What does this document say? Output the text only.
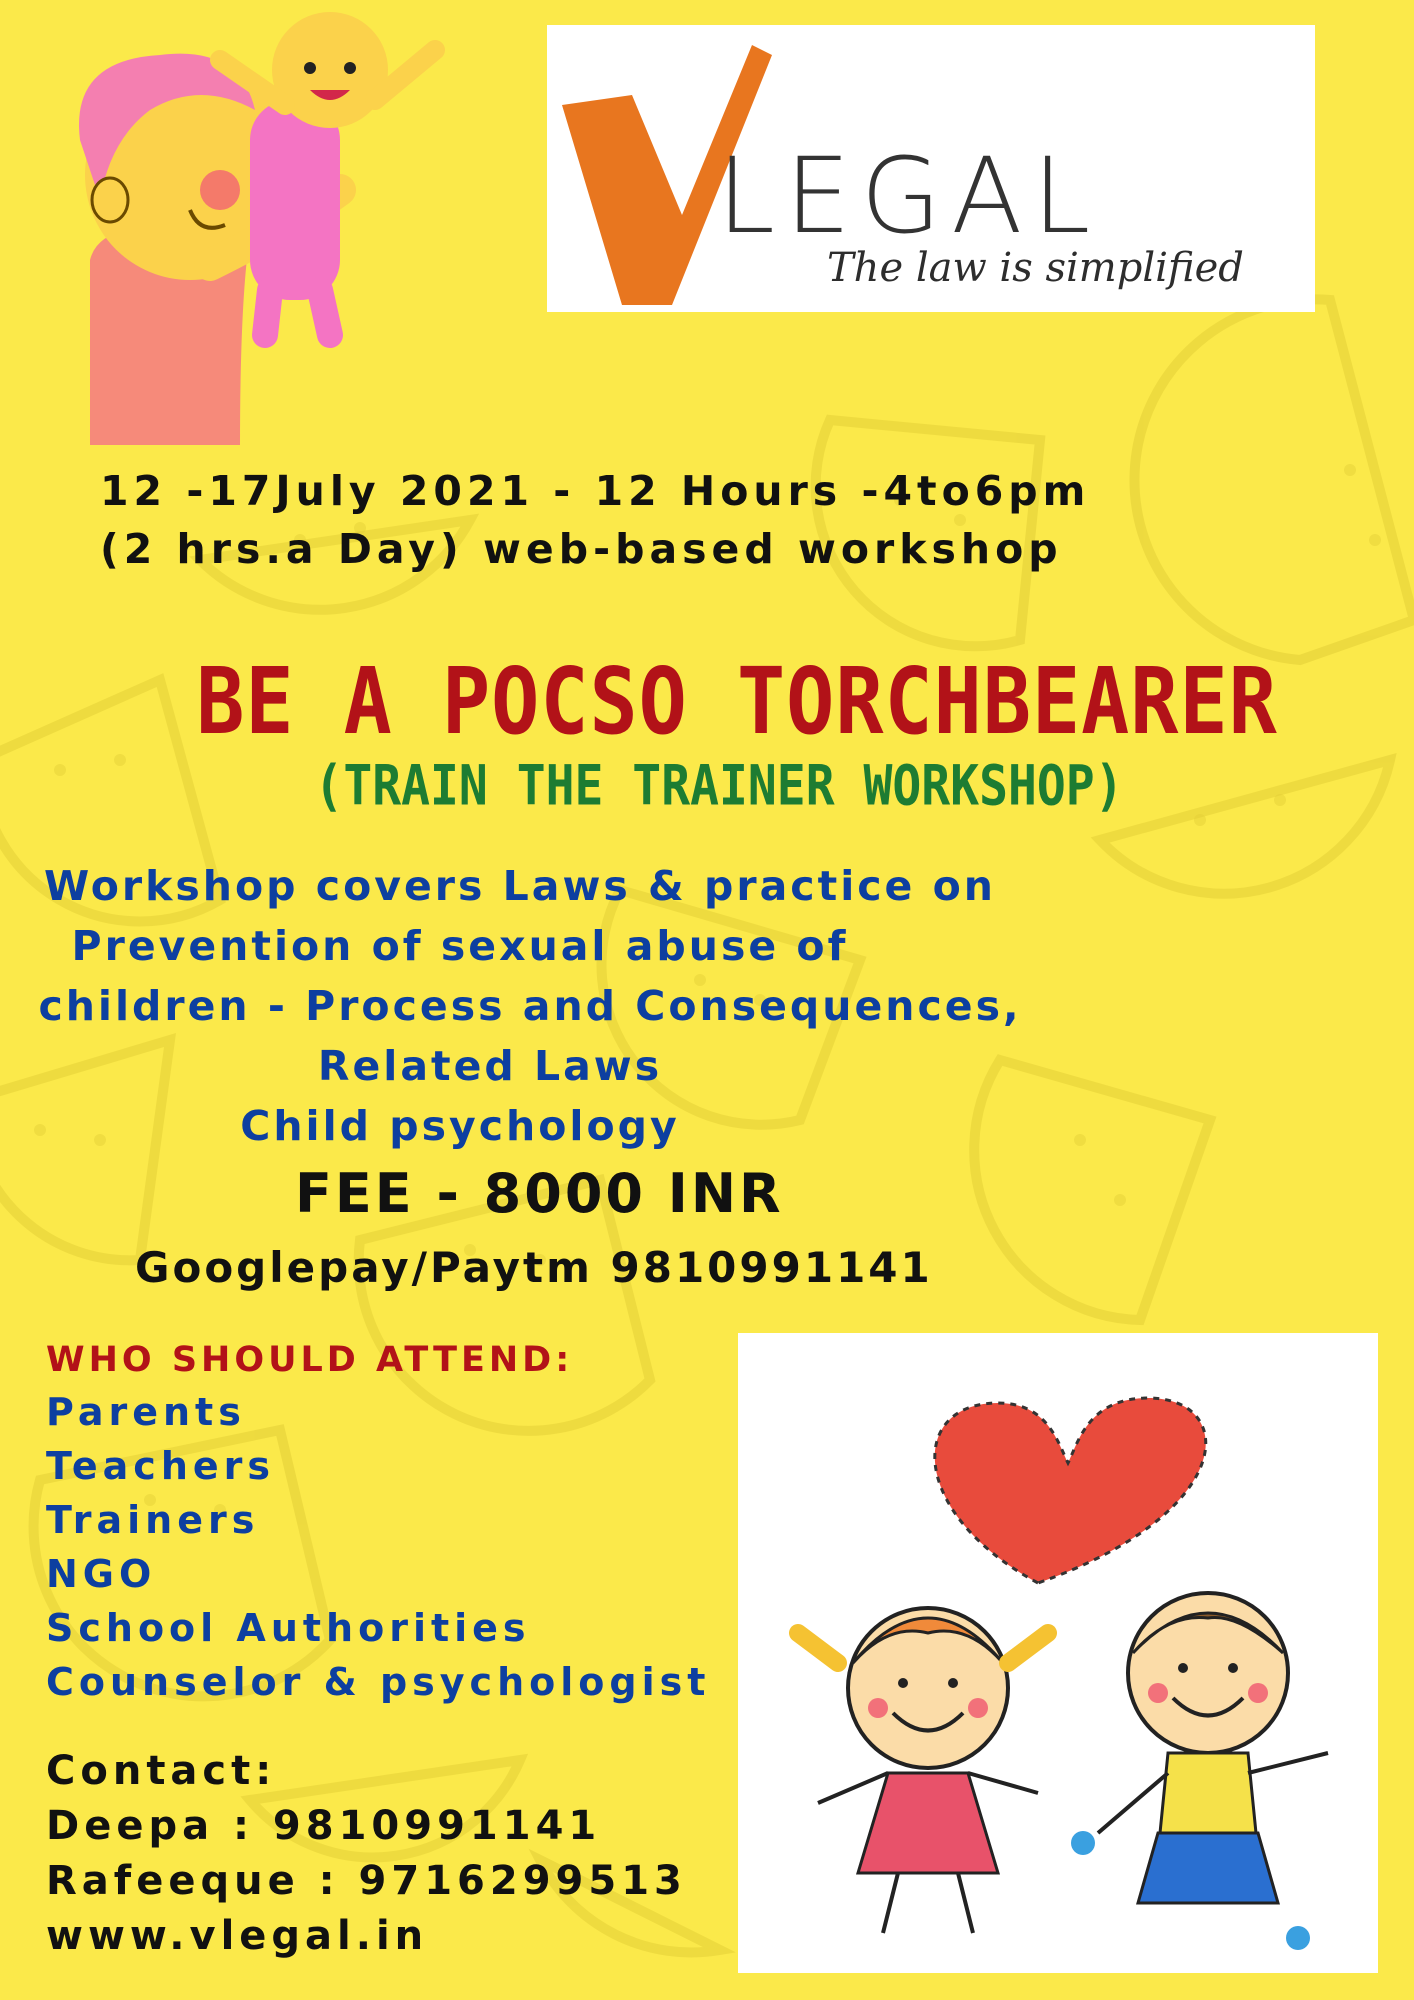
LEGAL
The law is simplified
12 -17July 2021 - 12 Hours -4to6pm
(2 hrs.a Day) web-based workshop
BE A POCSO TORCHBEARER
(TRAIN THE TRAINER WORKSHOP)
Workshop covers Laws & practice on
Prevention of sexual abuse of
children - Process and Consequences,
Related Laws
Child psychology
FEE - 8000 INR
Googlepay/Paytm 9810991141
WHO SHOULD ATTEND:
Parents
Teachers
Trainers
NGO
School Authorities
Counselor & psychologist
Contact:
Deepa : 9810991141
Rafeeque : 9716299513
www.vlegal.in
